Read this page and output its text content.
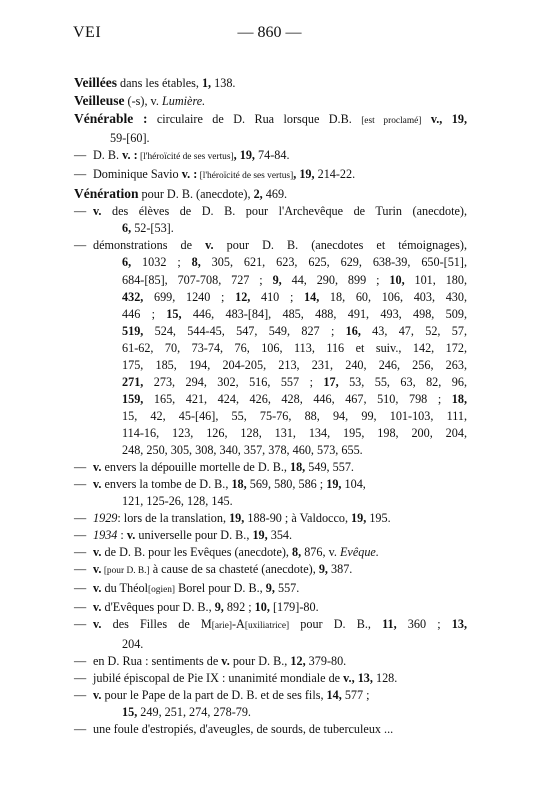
VEI	— 860 —
Veillées dans les étables, 1, 138.
Veilleuse (-s), v. Lumière.
Vénérable : circulaire de D. Rua lorsque D.B. [est proclamé] v., 19,
59-[60].
— D. B. v. : [l'héroïcité de ses vertus], 19, 74-84.
— Dominique Savio v. : [l'héroïcité de ses vertus], 19, 214-22.
Vénération pour D. B. (anecdote), 2, 469.
— v. des élèves de D. B. pour l'Archevêque de Turin (anecdote),
6, 52-[53].
— démonstrations de v. pour D. B. (anecdotes et témoignages),
6, 1032 ; 8, 305, 621, 623, 625, 629, 638-39, 650-[51],
684-[85], 707-708, 727 ; 9, 44, 290, 899 ; 10, 101, 180,
432, 699, 1240 ; 12, 410 ; 14, 18, 60, 106, 403, 430,
446 ; 15, 446, 483-[84], 485, 488, 491, 493, 498, 509,
519, 524, 544-45, 547, 549, 827 ; 16, 43, 47, 52, 57,
61-62, 70, 73-74, 76, 106, 113, 116 et suiv., 142, 172,
175, 185, 194, 204-205, 213, 231, 240, 246, 256, 263,
271, 273, 294, 302, 516, 557 ; 17, 53, 55, 63, 82, 96,
159, 165, 421, 424, 426, 428, 446, 467, 510, 798 ; 18,
15, 42, 45-[46], 55, 75-76, 88, 94, 99, 101-103, 111,
114-16, 123, 126, 128, 131, 134, 195, 198, 200, 204,
248, 250, 305, 308, 340, 357, 378, 460, 573, 655.
— v. envers la dépouille mortelle de D. B., 18, 549, 557.
— v. envers la tombe de D. B., 18, 569, 580, 586 ; 19, 104,
121, 125-26, 128, 145.
— 1929: lors de la translation, 19, 188-90 ; à Valdocco, 19, 195.
— 1934 : v. universelle pour D. B., 19, 354.
— v. de D. B. pour les Evêques (anecdote), 8, 876, v. Evêque.
— v. [pour D. B.] à cause de sa chasteté (anecdote), 9, 387.
— v. du Théol[ogien] Borel pour D. B., 9, 557.
— v. d'Evêques pour D. B., 9, 892 ; 10, [179]-80.
— v. des Filles de M[arie]-A[uxiliatrice] pour D. B., 11, 360 ; 13,
204.
— en D. Rua : sentiments de v. pour D. B., 12, 379-80.
— jubilé épiscopal de Pie IX : unanimité mondiale de v., 13, 128.
— v. pour le Pape de la part de D. B. et de ses fils, 14, 577 ;
15, 249, 251, 274, 278-79.
— une foule d'estropiés, d'aveugles, de sourds, de tuberculeux ...
